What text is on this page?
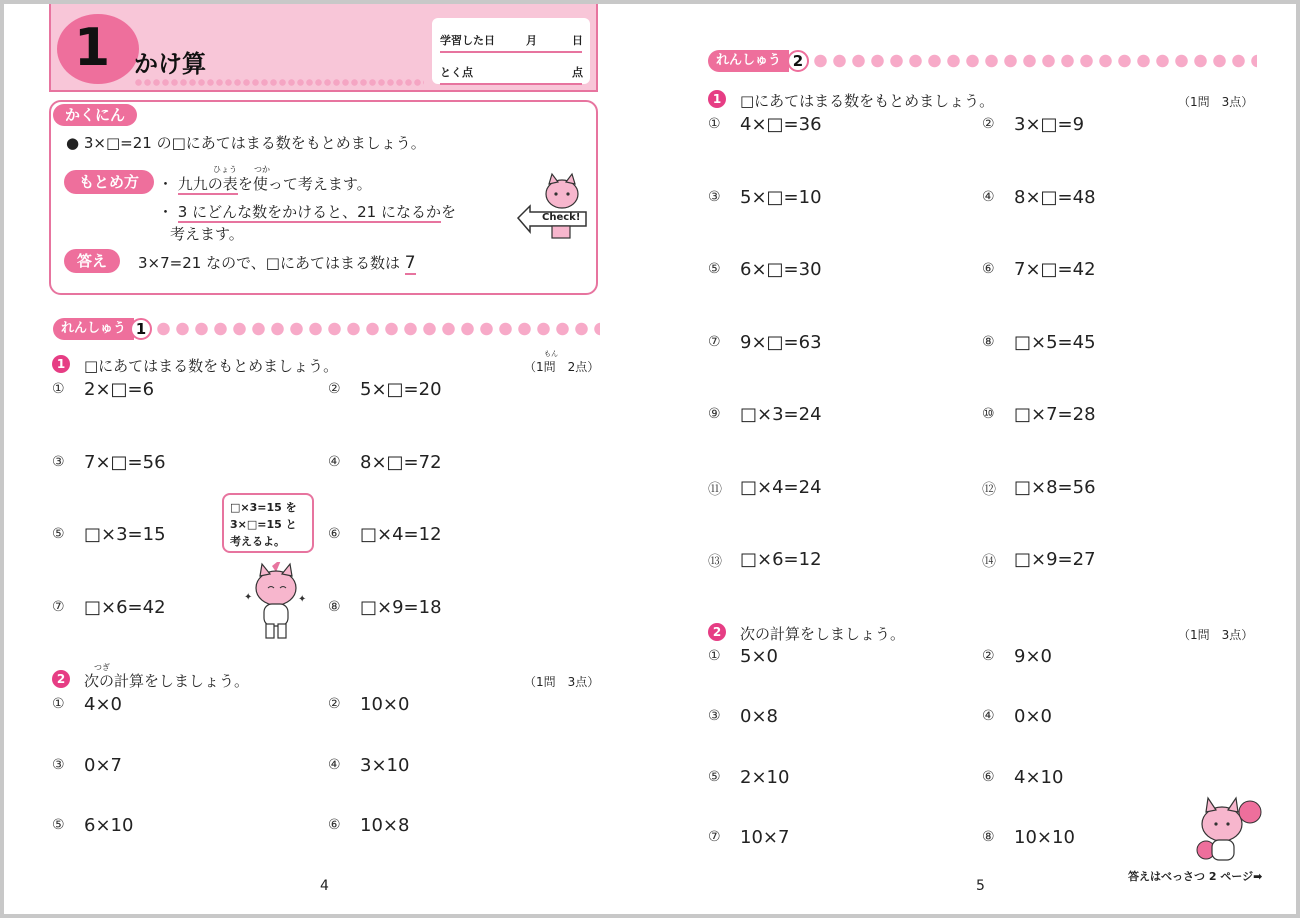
1 かけ算
学習した日	月	日
とく点	点
かくにん
● 3×□=21 の□にあてはまる数をもとめましょう。
もとめ方
ひょう つか
・ 九九の表を使って考えます。
・ 3 にどんな数をかけると、21 になるかを
考えます。
答え	3×7=21 なので、□にあてはまる数は 7
Check!
れんしゅう 1
1	□にあてはまる数をもとめましょう。
もん
（1問　2点）
① 2×□=6	② 5×□=20
③ 7×□=56	④ 8×□=72
⑤ □×3=15	⑥ □×4=12
⑦ □×6=42	⑧ □×9=18
□×3=15 を
3×□=15 と
考えるよ。
✦	✦
つぎ
2	次の計算をしましょう。	（1問　3点）
① 4×0	② 10×0
③ 0×7	④ 3×10
⑤ 6×10	⑥ 10×8
4
れんしゅう 2
1	□にあてはまる数をもとめましょう。	（1問　3点）
① 4×□=36	② 3×□=9
③ 5×□=10	④ 8×□=48
⑤ 6×□=30	⑥ 7×□=42
⑦ 9×□=63	⑧ □×5=45
⑨ □×3=24	⑩ □×7=28
⑪ □×4=24	⑫ □×8=56
⑬ □×6=12	⑭ □×9=27
2	次の計算をしましょう。	（1問　3点）
① 5×0	② 9×0
③ 0×8	④ 0×0
⑤ 2×10	⑥ 4×10
⑦ 10×7	⑧ 10×10
答えはべっさつ 2 ページ➡
5
